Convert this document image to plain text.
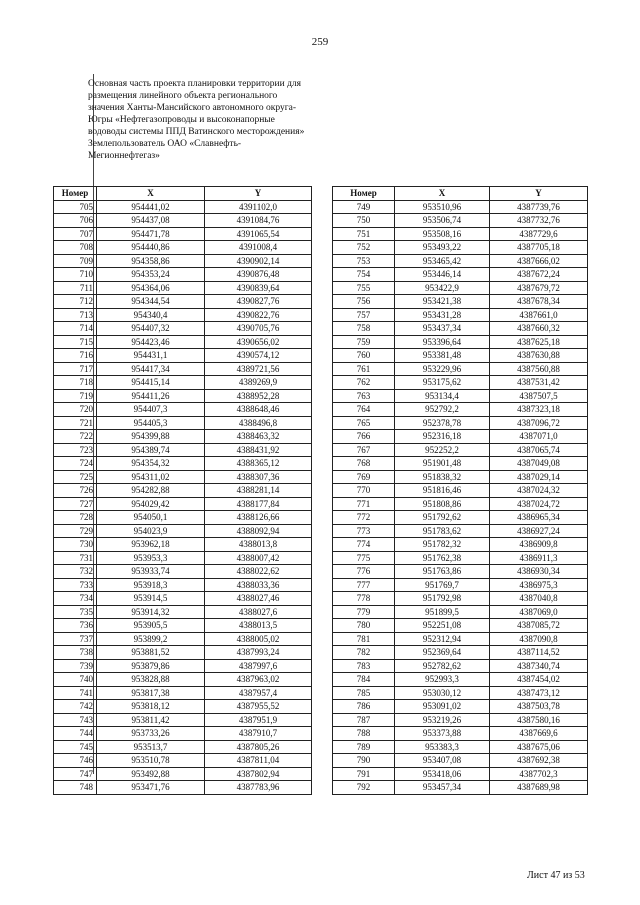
259
Основная часть проекта планировки территории для
размещения линейного объекта регионального
значения Ханты-Мансийского автономного округа-
Югры «Нефтегазопроводы и высоконапорные
водоводы системы ППД Ватинского месторождения»
Землепользователь ОАО «Славнефть-
Мегионнефтегаз»
Номер	X	Y
705	954441,02	4391102,0
706	954437,08	4391084,76
707	954471,78	4391065,54
708	954440,86	4391008,4
709	954358,86	4390902,14
710	954353,24	4390876,48
711	954364,06	4390839,64
712	954344,54	4390827,76
713	954340,4	4390822,76
714	954407,32	4390705,76
715	954423,46	4390656,02
716	954431,1	4390574,12
717	954417,34	4389721,56
718	954415,14	4389269,9
719	954411,26	4388952,28
720	954407,3	4388648,46
721	954405,3	4388496,8
722	954399,88	4388463,32
723	954389,74	4388431,92
724	954354,32	4388365,12
725	954311,02	4388307,36
726	954282,88	4388281,14
727	954029,42	4388177,84
728	954050,1	4388126,66
729	954023,9	4388092,94
730	953962,18	4388013,8
731	953953,3	4388007,42
732	953933,74	4388022,62
733	953918,3	4388033,36
734	953914,5	4388027,46
735	953914,32	4388027,6
736	953905,5	4388013,5
737	953899,2	4388005,02
738	953881,52	4387993,24
739	953879,86	4387997,6
740	953828,88	4387963,02
741	953817,38	4387957,4
742	953818,12	4387955,52
743	953811,42	4387951,9
744	953733,26	4387910,7
745	953513,7	4387805,26
746	953510,78	4387811,04
747	953492,88	4387802,94
748	953471,76	4387783,96
Номер	X	Y
749	953510,96	4387739,76
750	953506,74	4387732,76
751	953508,16	4387729,6
752	953493,22	4387705,18
753	953465,42	4387666,02
754	953446,14	4387672,24
755	953422,9	4387679,72
756	953421,38	4387678,34
757	953431,28	4387661,0
758	953437,34	4387660,32
759	953396,64	4387625,18
760	953381,48	4387630,88
761	953229,96	4387560,88
762	953175,62	4387531,42
763	953134,4	4387507,5
764	952792,2	4387323,18
765	952378,78	4387096,72
766	952316,18	4387071,0
767	952252,2	4387065,74
768	951901,48	4387049,08
769	951838,32	4387029,14
770	951816,46	4387024,32
771	951808,86	4387024,72
772	951792,62	4386965,34
773	951783,62	4386927,24
774	951782,32	4386909,8
775	951762,38	4386911,3
776	951763,86	4386930,34
777	951769,7	4386975,3
778	951792,98	4387040,8
779	951899,5	4387069,0
780	952251,08	4387085,72
781	952312,94	4387090,8
782	952369,64	4387114,52
783	952782,62	4387340,74
784	952993,3	4387454,02
785	953030,12	4387473,12
786	953091,02	4387503,78
787	953219,26	4387580,16
788	953373,88	4387669,6
789	953383,3	4387675,06
790	953407,08	4387692,38
791	953418,06	4387702,3
792	953457,34	4387689,98
Лист 47 из 53
